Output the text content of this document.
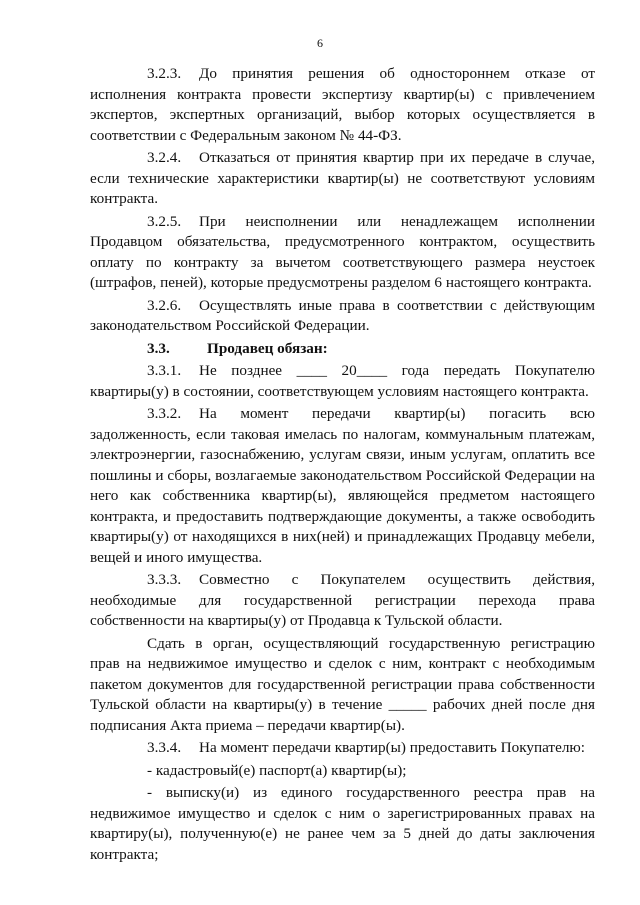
6

3.2.3. До принятия решения об одностороннем отказе от исполнения контракта провести экспертизу квартир(ы) с привлечением экспертов, экспертных организаций, выбор которых осуществляется в соответствии с Федеральным законом № 44-ФЗ.

3.2.4. Отказаться от принятия квартир при их передаче в случае, если технические характеристики квартир(ы) не соответствуют условиям контракта.

3.2.5. При неисполнении или ненадлежащем исполнении Продавцом обязательства, предусмотренного контрактом, осуществить оплату по контракту за вычетом соответствующего размера неустоек (штрафов, пеней), которые предусмотрены разделом 6 настоящего контракта.

3.2.6. Осуществлять иные права в соответствии с действующим законодательством Российской Федерации.

3.3. Продавец обязан:

3.3.1. Не позднее ____ 20____ года передать Покупателю квартиры(у) в состоянии, соответствующем условиям настоящего контракта.

3.3.2. На момент передачи квартир(ы) погасить всю задолженность, если таковая имелась по налогам, коммунальным платежам, электроэнергии, газоснабжению, услугам связи, иным услугам, оплатить все пошлины и сборы, возлагаемые законодательством Российской Федерации на него как собственника квартир(ы), являющейся предметом настоящего контракта, и предоставить подтверждающие документы, а также освободить квартиры(у) от находящихся в них(ней) и принадлежащих Продавцу мебели, вещей и иного имущества.

3.3.3. Совместно с Покупателем осуществить действия, необходимые для государственной регистрации перехода права собственности на квартиры(у) от Продавца к Тульской области.

Сдать в орган, осуществляющий государственную регистрацию прав на недвижимое имущество и сделок с ним, контракт с необходимым пакетом документов для государственной регистрации права собственности Тульской области на квартиры(у) в течение _____ рабочих дней после дня подписания Акта приема – передачи квартир(ы).

3.3.4. На момент передачи квартир(ы) предоставить Покупателю:

- кадастровый(е) паспорт(а) квартир(ы);

- выписку(и) из единого государственного реестра прав на недвижимое имущество и сделок с ним о зарегистрированных правах на квартиру(ы), полученную(е) не ранее чем за 5 дней до даты заключения контракта;
